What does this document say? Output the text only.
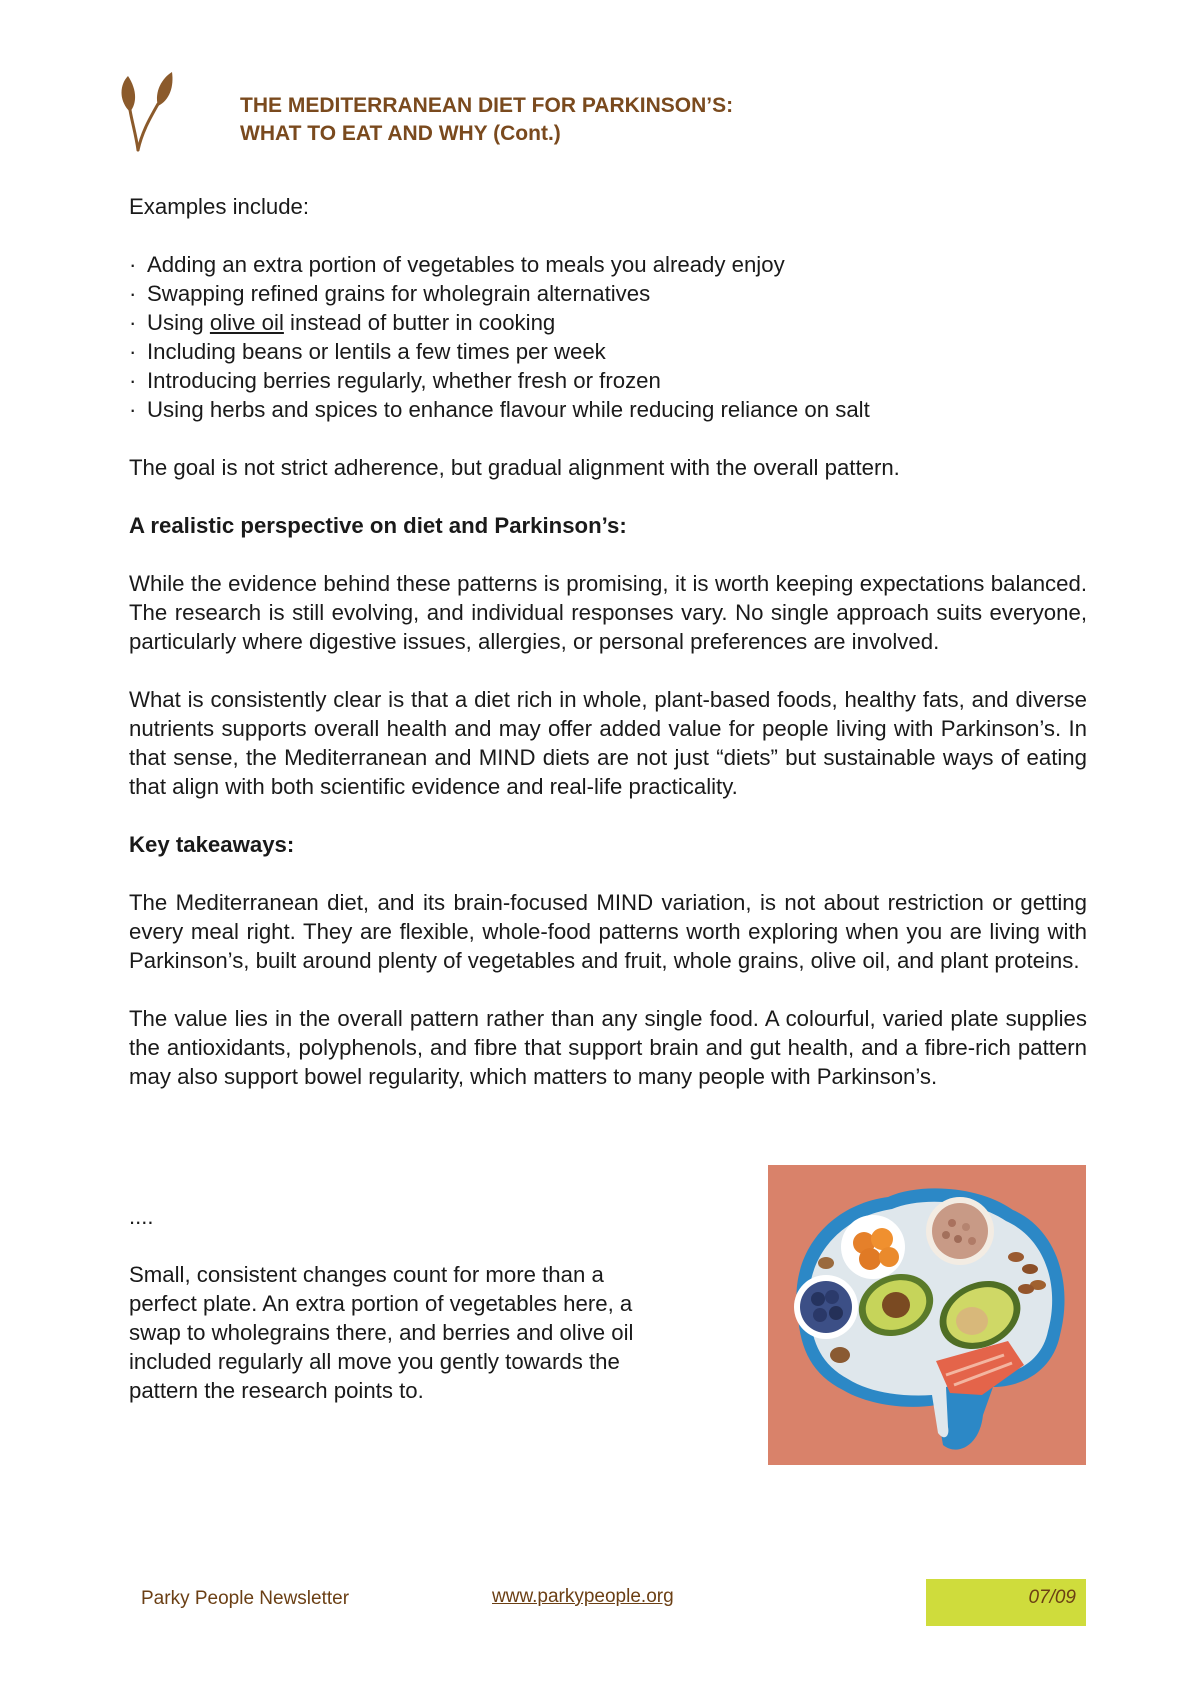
THE MEDITERRANEAN DIET FOR PARKINSON’S:
WHAT TO EAT AND WHY (Cont.)

Examples include:

· Adding an extra portion of vegetables to meals you already enjoy
· Swapping refined grains for wholegrain alternatives
· Using olive oil instead of butter in cooking
· Including beans or lentils a few times per week
· Introducing berries regularly, whether fresh or frozen
· Using herbs and spices to enhance flavour while reducing reliance on salt

The goal is not strict adherence, but gradual alignment with the overall pattern.

A realistic perspective on diet and Parkinson’s:

While the evidence behind these patterns is promising, it is worth keeping expectations balanced. The research is still evolving, and individual responses vary. No single approach suits everyone, particularly where digestive issues, allergies, or personal preferences are involved.

What is consistently clear is that a diet rich in whole, plant-based foods, healthy fats, and diverse nutrients supports overall health and may offer added value for people living with Parkinson’s. In that sense, the Mediterranean and MIND diets are not just “diets” but sustainable ways of eating that align with both scientific evidence and real-life practicality.

Key takeaways:

The Mediterranean diet, and its brain-focused MIND variation, is not about restriction or getting every meal right. They are flexible, whole-food patterns worth exploring when you are living with Parkinson’s, built around plenty of vegetables and fruit, whole grains, olive oil, and plant proteins.

The value lies in the overall pattern rather than any single food. A colourful, varied plate supplies the antioxidants, polyphenols, and fibre that support brain and gut health, and a fibre-rich pattern may also support bowel regularity, which matters to many people with Parkinson’s.

....

Small, consistent changes count for more than a perfect plate. An extra portion of vegetables here, a swap to wholegrains there, and berries and olive oil included regularly all move you gently towards the pattern the research points to.

Parky People Newsletter	www.parkypeople.org	07/09
